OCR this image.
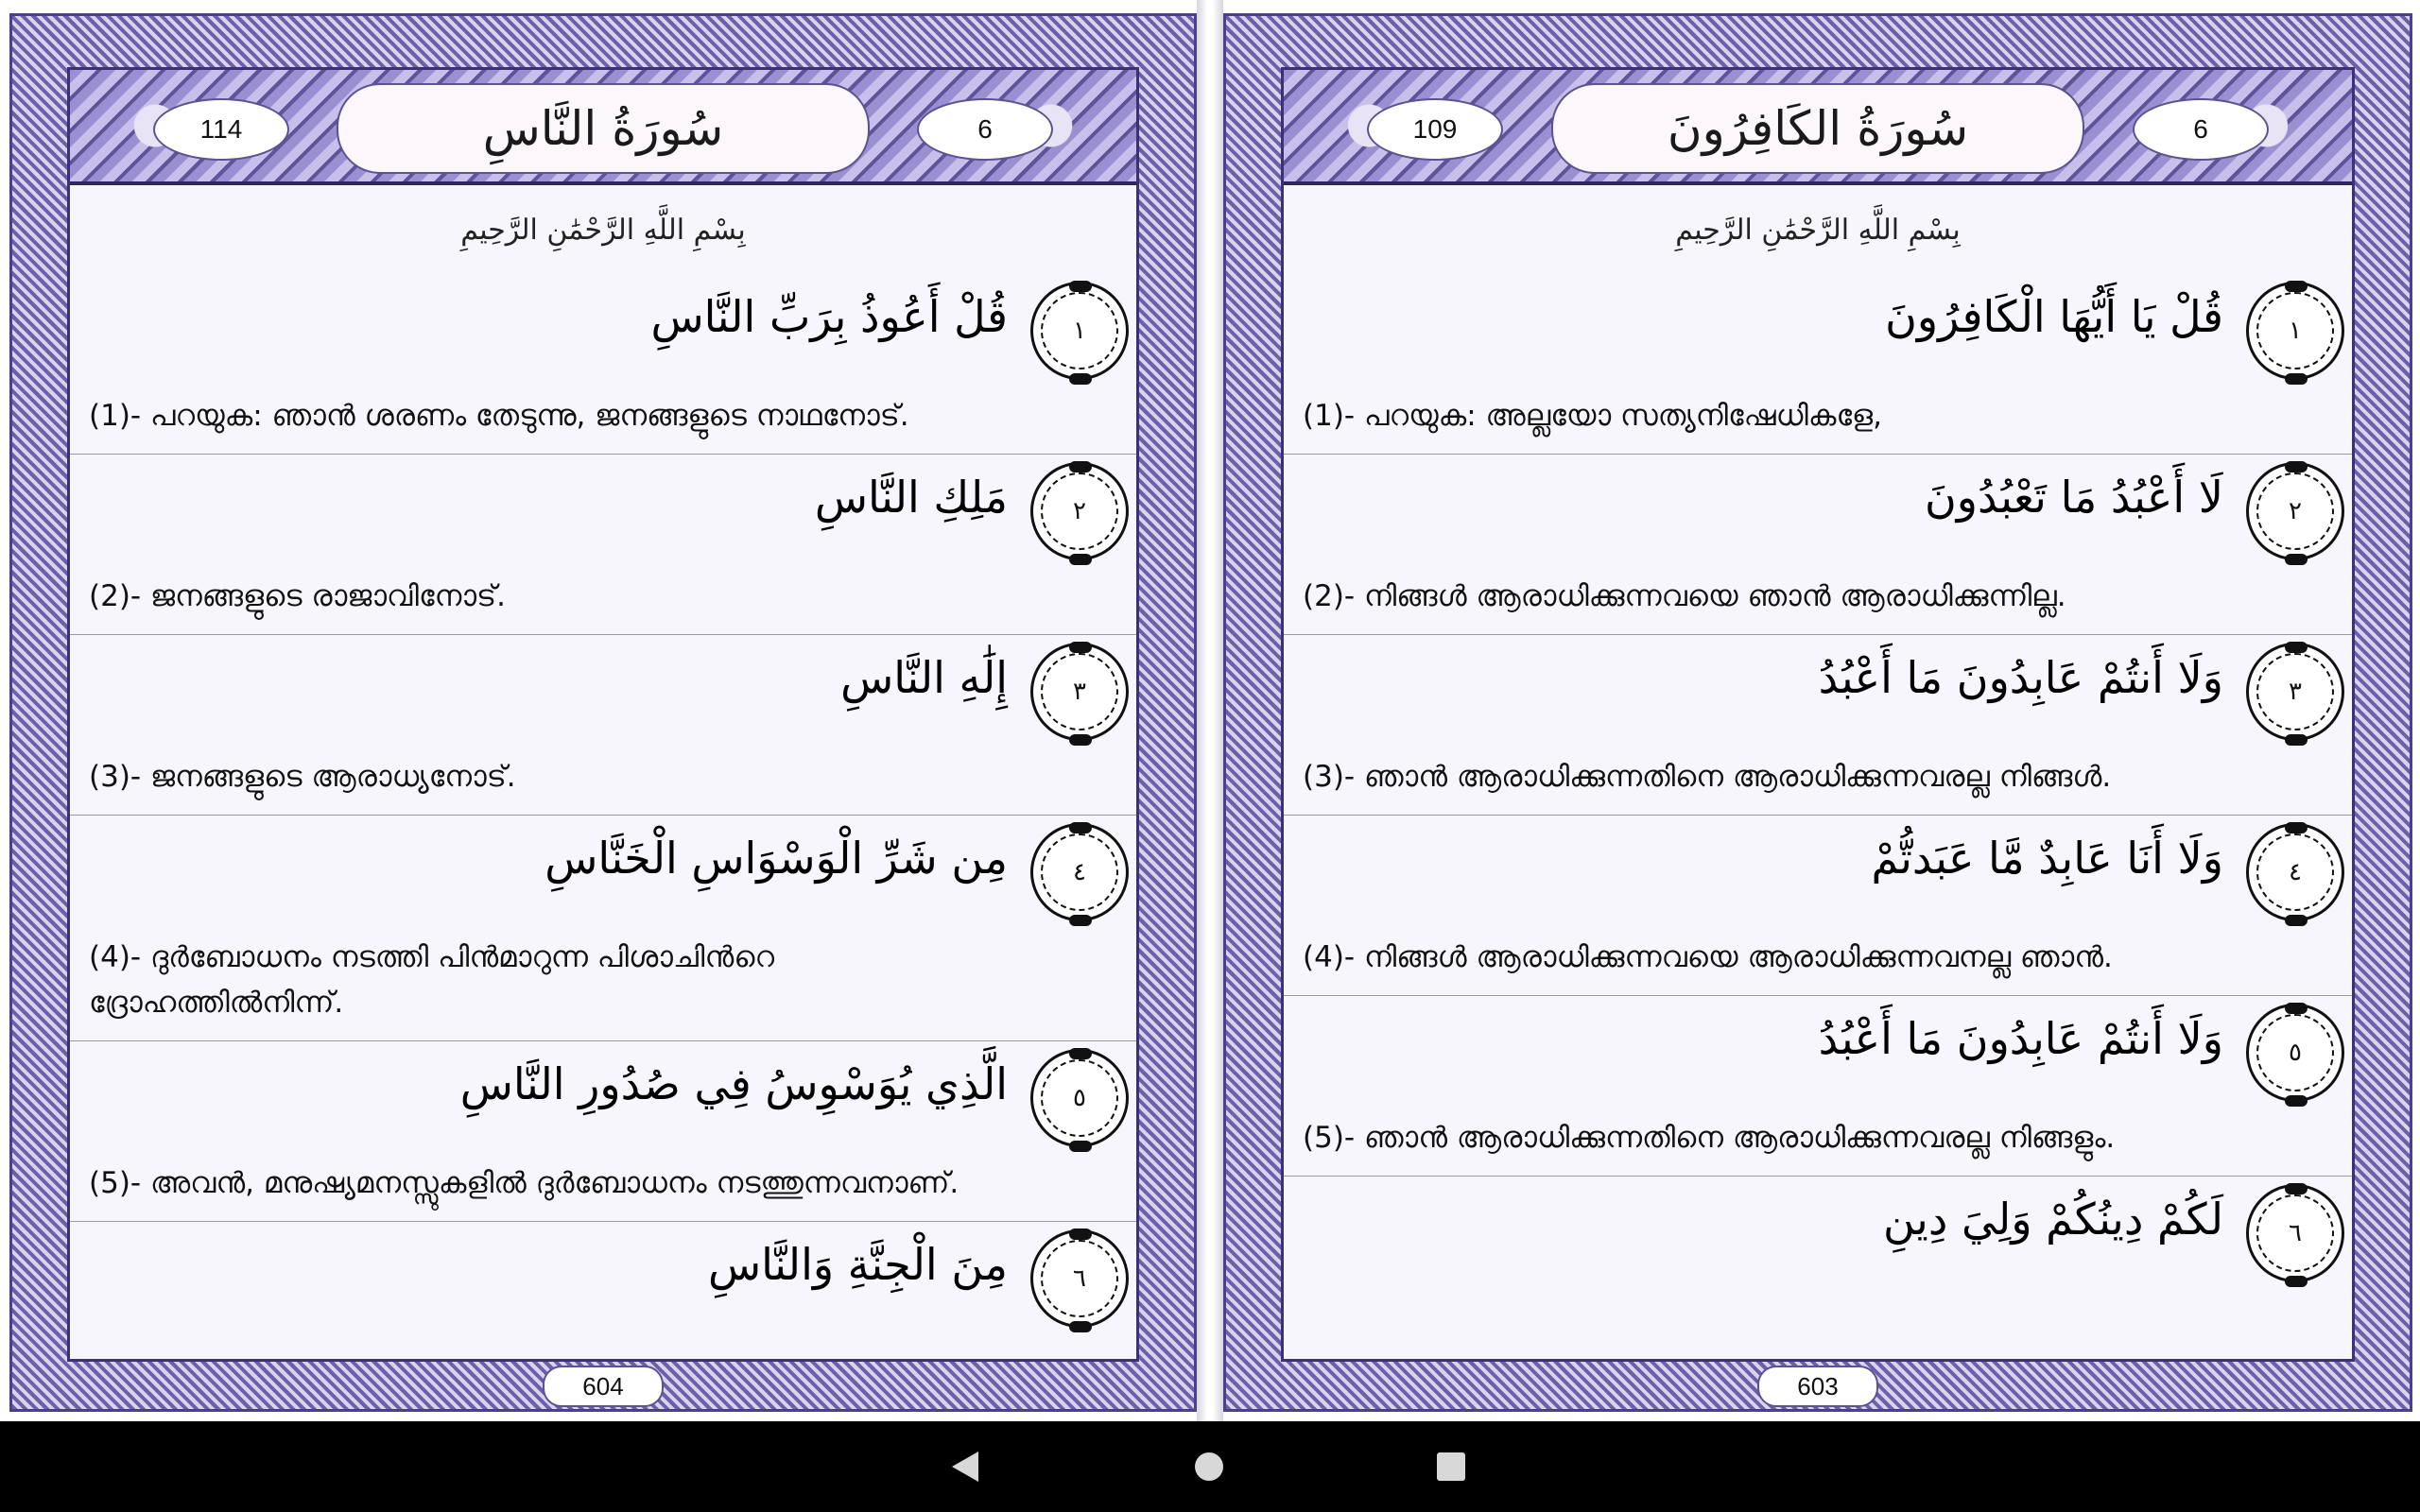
114	سُورَةُ النَّاسِ	6
بِسْمِ اللَّهِ الرَّحْمَٰنِ الرَّحِيمِ
قُلْ أَعُوذُ بِرَبِّ النَّاسِ	١
(1)- പറയുക: ഞാന്‍ ശരണം തേടുന്നു, ജനങ്ങളുടെ നാഥനോട്.
مَلِكِ النَّاسِ	٢
(2)- ജനങ്ങളുടെ രാജാവിനോട്.
إِلَٰهِ النَّاسِ	٣
(3)- ജനങ്ങളുടെ ആരാധ്യനോട്.
مِن شَرِّ الْوَسْوَاسِ الْخَنَّاسِ	٤
(4)- ദുര്‍ബോധനം നടത്തി പിന്‍മാറുന്ന പിശാചിന്‍റെ ദ്രോഹത്തില്‍നിന്ന്.
الَّذِي يُوَسْوِسُ فِي صُدُورِ النَّاسِ	٥
(5)- അവന്‍, മനുഷ്യമനസ്സുകളില്‍ ദുര്‍ബോധനം നടത്തുന്നവനാണ്.
مِنَ الْجِنَّةِ وَالنَّاسِ	٦
604
109	سُورَةُ الكَافِرُونَ	6
بِسْمِ اللَّهِ الرَّحْمَٰنِ الرَّحِيمِ
قُلْ يَا أَيُّهَا الْكَافِرُونَ	١
(1)- പറയുക: അല്ലയോ സത്യനിഷേധികളേ,
لَا أَعْبُدُ مَا تَعْبُدُونَ	٢
(2)- നിങ്ങള്‍ ആരാധിക്കുന്നവയെ ഞാന്‍ ആരാധിക്കുന്നില്ല.
وَلَا أَنتُمْ عَابِدُونَ مَا أَعْبُدُ	٣
(3)- ഞാന്‍ ആരാധിക്കുന്നതിനെ ആരാധിക്കുന്നവരല്ല നിങ്ങള്‍.
وَلَا أَنَا عَابِدٌ مَّا عَبَدتُّمْ	٤
(4)- നിങ്ങള്‍ ആരാധിക്കുന്നവയെ ആരാധിക്കുന്നവനല്ല ഞാന്‍.
وَلَا أَنتُمْ عَابِدُونَ مَا أَعْبُدُ	٥
(5)- ഞാന്‍ ആരാധിക്കുന്നതിനെ ആരാധിക്കുന്നവരല്ല നിങ്ങളും.
لَكُمْ دِينُكُمْ وَلِيَ دِينِ	٦
603
